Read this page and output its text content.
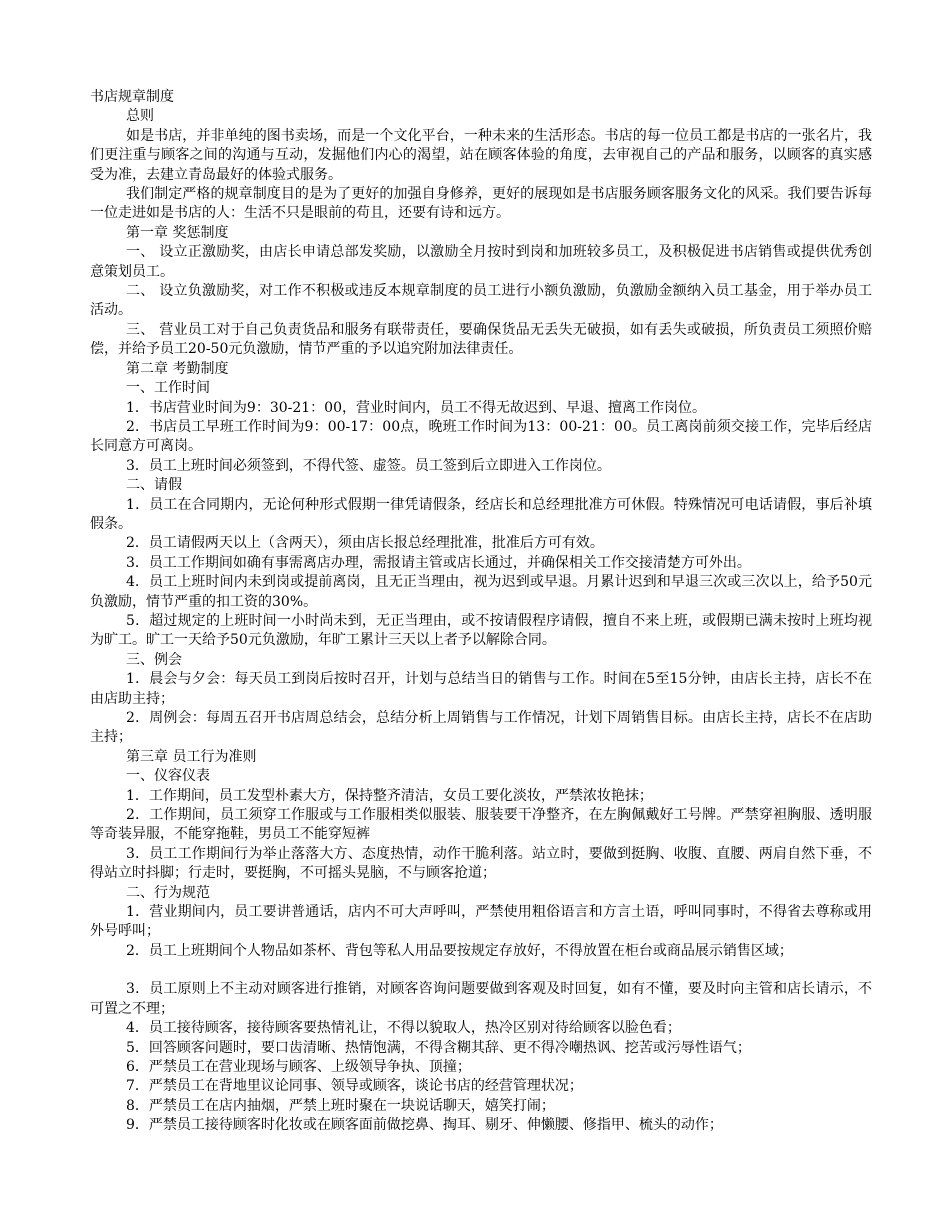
书店规章制度
总则
如是书店，并非单纯的图书卖场，而是一个文化平台，一种未来的生活形态。书店的每一位员工都是书店的一张名片，我们更注重与顾客之间的沟通与互动，发掘他们内心的渴望，站在顾客体验的角度，去审视自己的产品和服务，以顾客的真实感受为准，去建立青岛最好的体验式服务。
我们制定严格的规章制度目的是为了更好的加强自身修养，更好的展现如是书店服务顾客服务文化的风采。我们要告诉每一位走进如是书店的人：生活不只是眼前的苟且，还要有诗和远方。
第一章 奖惩制度
一、 设立正激励奖，由店长申请总部发奖励，以激励全月按时到岗和加班较多员工，及积极促进书店销售或提供优秀创意策划员工。
二、 设立负激励奖，对工作不积极或违反本规章制度的员工进行小额负激励，负激励金额纳入员工基金，用于举办员工活动。
三、 营业员工对于自己负责货品和服务有联带责任，要确保货品无丢失无破损，如有丢失或破损，所负责员工须照价赔偿，并给予员工20-50元负激励，情节严重的予以追究附加法律责任。
第二章 考勤制度
一、工作时间
1．书店营业时间为9：30-21：00，营业时间内，员工不得无故迟到、早退、擅离工作岗位。
2．书店员工早班工作时间为9：00-17：00点，晚班工作时间为13：00-21：00。员工离岗前须交接工作，完毕后经店长同意方可离岗。
3．员工上班时间必须签到，不得代签、虚签。员工签到后立即进入工作岗位。
二、请假
1．员工在合同期内，无论何种形式假期一律凭请假条，经店长和总经理批准方可休假。特殊情况可电话请假，事后补填假条。
2．员工请假两天以上（含两天），须由店长报总经理批准，批准后方可有效。
3．员工工作期间如确有事需离店办理，需报请主管或店长通过，并确保相关工作交接清楚方可外出。
4．员工上班时间内未到岗或提前离岗，且无正当理由，视为迟到或早退。月累计迟到和早退三次或三次以上，给予50元负激励，情节严重的扣工资的30%。
5．超过规定的上班时间一小时尚未到，无正当理由，或不按请假程序请假，擅自不来上班，或假期已满未按时上班均视为旷工。旷工一天给予50元负激励，年旷工累计三天以上者予以解除合同。
三、例会
1．晨会与夕会：每天员工到岗后按时召开，计划与总结当日的销售与工作。时间在5至15分钟，由店长主持，店长不在由店助主持；
2．周例会：每周五召开书店周总结会，总结分析上周销售与工作情况，计划下周销售目标。由店长主持，店长不在店助主持；
第三章 员工行为准则
一、仪容仪表
1．工作期间，员工发型朴素大方，保持整齐清洁，女员工要化淡妆，严禁浓妆艳抹；
2．工作期间，员工须穿工作服或与工作服相类似服装、服装要干净整齐，在左胸佩戴好工号牌。严禁穿袒胸服、透明服等奇装异服，不能穿拖鞋，男员工不能穿短裤
3．员工工作期间行为举止落落大方、态度热情，动作干脆利落。站立时，要做到挺胸、收腹、直腰、两肩自然下垂，不得站立时抖脚；行走时，要挺胸，不可摇头晃脑，不与顾客抢道；
二、行为规范
1．营业期间内，员工要讲普通话，店内不可大声呼叫，严禁使用粗俗语言和方言土语，呼叫同事时，不得省去尊称或用外号呼叫；
2．员工上班期间个人物品如茶杯、背包等私人用品要按规定存放好，不得放置在柜台或商品展示销售区域；
3．员工原则上不主动对顾客进行推销，对顾客咨询问题要做到客观及时回复，如有不懂，要及时向主管和店长请示，不可置之不理；
4．员工接待顾客，接待顾客要热情礼让，不得以貌取人，热冷区别对待给顾客以脸色看；
5．回答顾客问题时，要口齿清晰、热情饱满，不得含糊其辞、更不得冷嘲热讽、挖苦或污辱性语气；
6．严禁员工在营业现场与顾客、上级领导争执、顶撞；
7．严禁员工在背地里议论同事、领导或顾客，谈论书店的经营管理状况；
8．严禁员工在店内抽烟，严禁上班时聚在一块说话聊天，嬉笑打闹；
9．严禁员工接待顾客时化妆或在顾客面前做挖鼻、掏耳、剔牙、伸懒腰、修指甲、梳头的动作；
